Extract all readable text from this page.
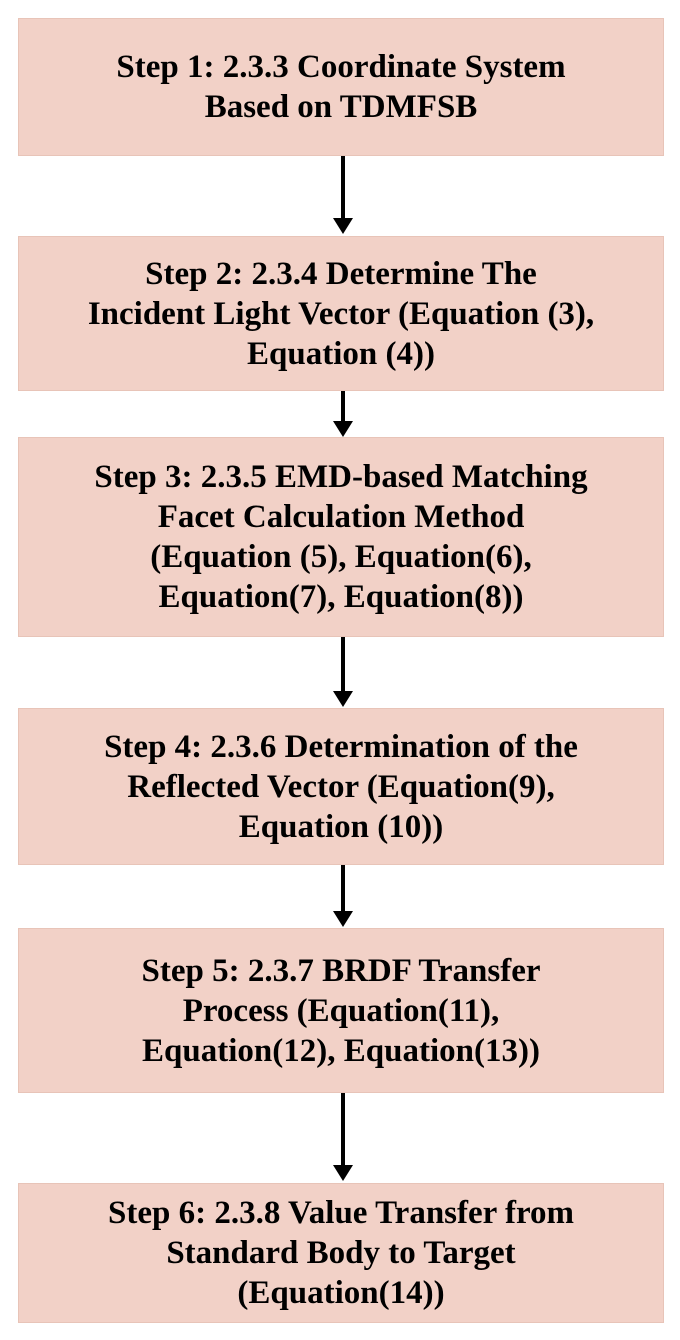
Step 1: 2.3.3 Coordinate System
Based on TDMFSB
Step 2: 2.3.4 Determine The
Incident Light Vector (Equation (3),
Equation (4))
Step 3: 2.3.5 EMD-based Matching
Facet Calculation Method
(Equation (5), Equation(6),
Equation(7), Equation(8))
Step 4: 2.3.6 Determination of the
Reflected Vector (Equation(9),
Equation (10))
Step 5: 2.3.7 BRDF Transfer
Process (Equation(11),
Equation(12), Equation(13))
Step 6: 2.3.8 Value Transfer from
Standard Body to Target
(Equation(14))
